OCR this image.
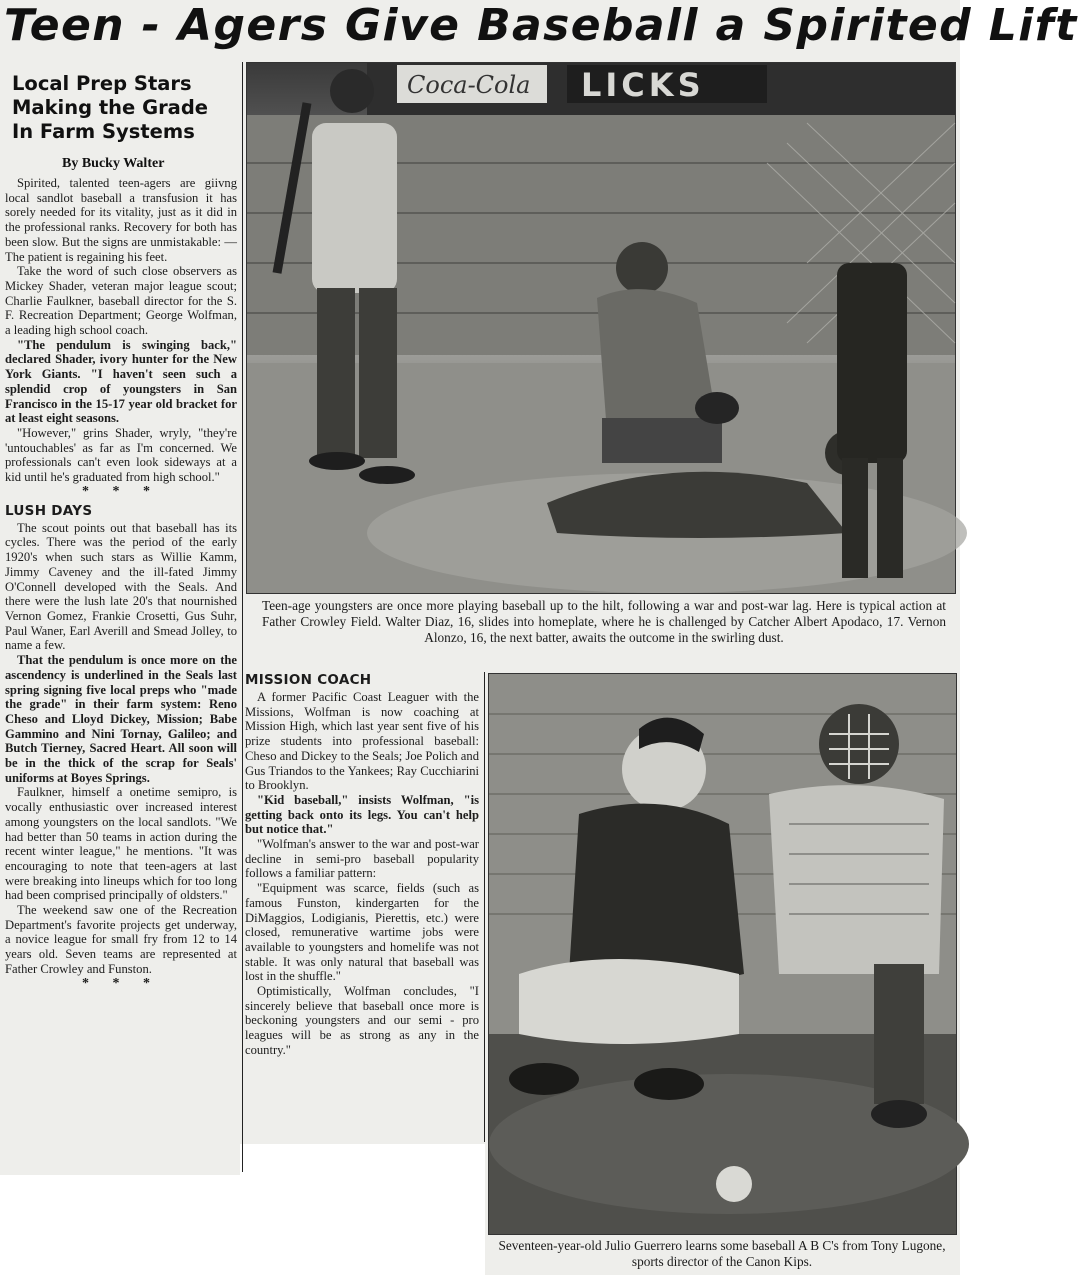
Teen - Agers Give Baseball a Spirited Lift
Local Prep Stars
Making the Grade
In Farm Systems
By Bucky Walter

Spirited, talented teen-agers are giivng local sandlot baseball a transfusion it has sorely needed for its vitality, just as it did in the professional ranks. Recovery for both has been slow. But the signs are unmistakable: — The patient is regaining his feet.

Take the word of such close observers as Mickey Shader, veteran major league scout; Charlie Faulkner, baseball director for the S. F. Recreation Department; George Wolfman, a leading high school coach.

"The pendulum is swinging back," declared Shader, ivory hunter for the New York Giants. "I haven't seen such a splendid crop of youngsters in San Francisco in the 15-17 year old bracket for at least eight seasons.

"However," grins Shader, wryly, "they're 'untouchables' as far as I'm concerned. We professionals can't even look sideways at a kid until he's graduated from high school."

* * *

LUSH DAYS

The scout points out that baseball has its cycles. There was the period of the early 1920's when such stars as Willie Kamm, Jimmy Caveney and the ill-fated Jimmy O'Connell developed with the Seals. And there were the lush late 20's that nournished Vernon Gomez, Frankie Crosetti, Gus Suhr, Paul Waner, Earl Averill and Smead Jolley, to name a few.

That the pendulum is once more on the ascendency is underlined in the Seals last spring signing five local preps who "made the grade" in their farm system: Reno Cheso and Lloyd Dickey, Mission; Babe Gammino and Nini Tornay, Galileo; and Butch Tierney, Sacred Heart. All soon will be in the thick of the scrap for Seals' uniforms at Boyes Springs.

Faulkner, himself a onetime semipro, is vocally enthusiastic over increased interest among youngsters on the local sandlots. "We had better than 50 teams in action during the recent winter league," he mentions. "It was encouraging to note that teen-agers at last were breaking into lineups which for too long had been comprised principally of oldsters."

The weekend saw one of the Recreation Department's favorite projects get underway, a novice league for small fry from 12 to 14 years old. Seven teams are represented at Father Crowley and Funston.

* * *

MISSION COACH

A former Pacific Coast Leaguer with the Missions, Wolfman is now coaching at Mission High, which last year sent five of his prize students into professional baseball: Cheso and Dickey to the Seals; Joe Polich and Gus Triandos to the Yankees; Ray Cucchiarini to Brooklyn.

"Kid baseball," insists Wolfman, "is getting back onto its legs. You can't help but notice that."

"Wolfman's answer to the war and post-war decline in semi-pro baseball popularity follows a familiar pattern:

"Equipment was scarce, fields (such as famous Funston, kindergarten for the DiMaggios, Lodigianis, Pierettis, etc.) were closed, remunerative wartime jobs were available to youngsters and homelife was not stable. It was only natural that baseball was lost in the shuffle."

Optimistically, Wolfman concludes, "I sincerely believe that baseball once more is beckoning youngsters and our semi - pro leagues will be as strong as any in the country."

Coca-Cola LICKS
Teen-age youngsters are once more playing baseball up to the hilt, following a war and post-war lag. Here is typical action at Father Crowley Field. Walter Diaz, 16, slides into homeplate, where he is challenged by Catcher Albert Apodaco, 17. Vernon Alonzo, 16, the next batter, awaits the outcome in the swirling dust.
Seventeen-year-old Julio Guerrero learns some baseball A B C's from Tony Lugone, sports director of the Canon Kips.
